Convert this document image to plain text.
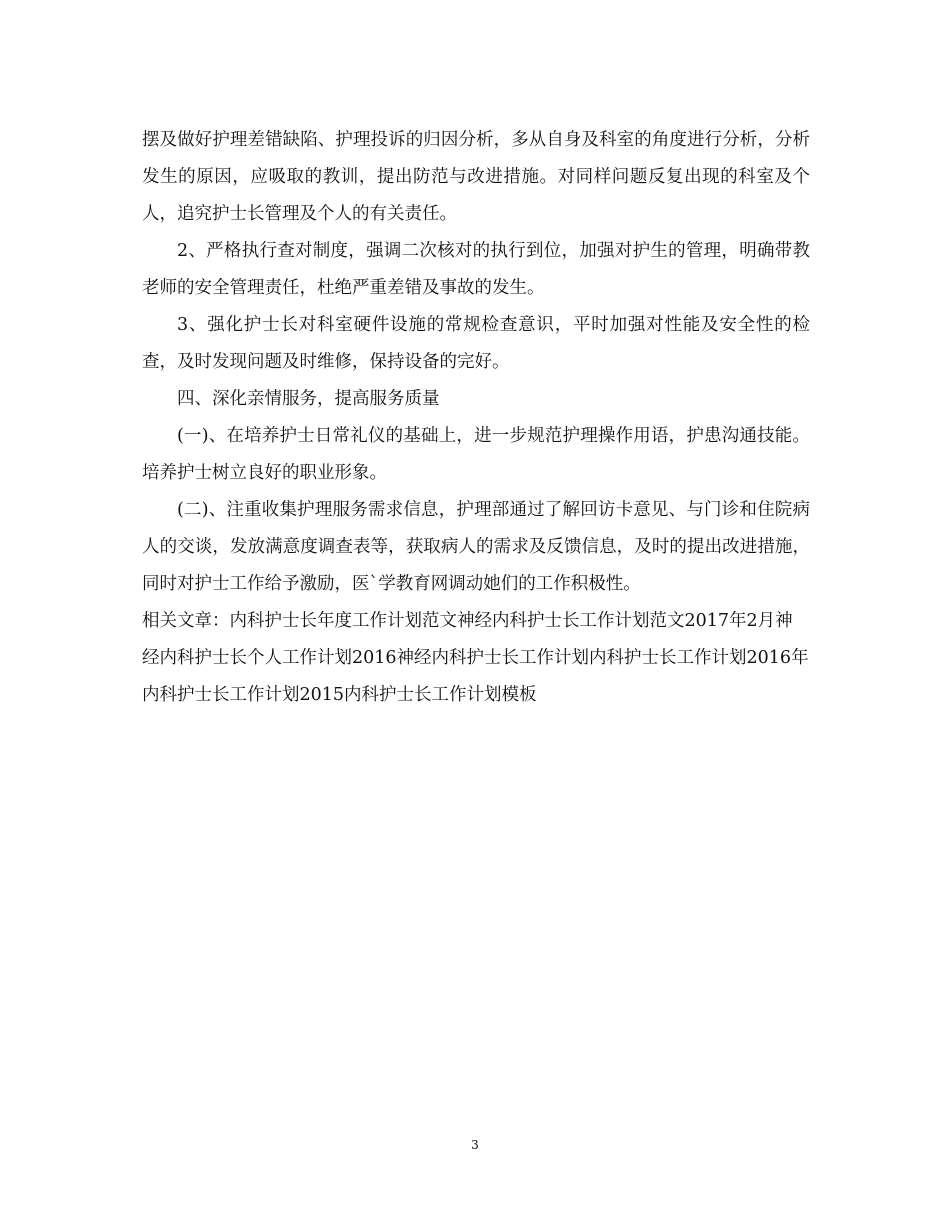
摆及做好护理差错缺陷、护理投诉的归因分析，多从自身及科室的角度进行分析，分析发生的原因，应吸取的教训，提出防范与改进措施。对同样问题反复出现的科室及个人，追究护士长管理及个人的有关责任。

2、严格执行查对制度，强调二次核对的执行到位，加强对护生的管理，明确带教老师的安全管理责任，杜绝严重差错及事故的发生。

3、强化护士长对科室硬件设施的常规检查意识，平时加强对性能及安全性的检查，及时发现问题及时维修，保持设备的完好。

四、深化亲情服务，提高服务质量

(一)、在培养护士日常礼仪的基础上，进一步规范护理操作用语，护患沟通技能。培养护士树立良好的职业形象。

(二)、注重收集护理服务需求信息，护理部通过了解回访卡意见、与门诊和住院病人的交谈，发放满意度调查表等，获取病人的需求及反馈信息，及时的提出改进措施，同时对护士工作给予激励，医`学教育网调动她们的工作积极性。

相关文章：内科护士长年度工作计划范文神经内科护士长工作计划范文2017年2月神经内科护士长个人工作计划2016神经内科护士长工作计划内科护士长工作计划2016年内科护士长工作计划2015内科护士长工作计划模板

3
